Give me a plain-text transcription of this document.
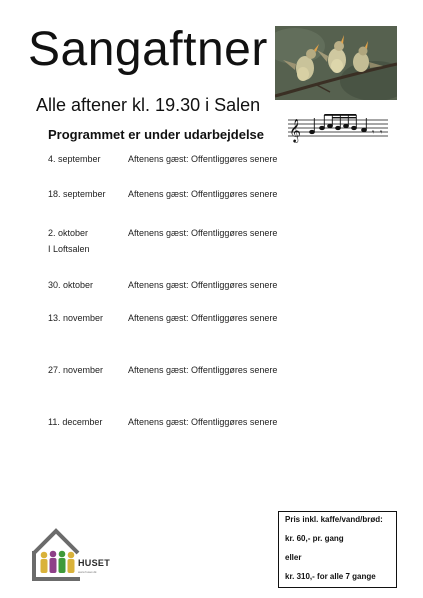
Sangaftner
Alle aftener kl. 19.30 i Salen
Programmet er under udarbejdelse 𝄞	𝄾 𝄾
4. september	Aftenens gæst: Offentliggøres senere
18. september	Aftenens gæst: Offentliggøres senere
2. oktober	Aftenens gæst: Offentliggøres senere
I Loftsalen
30. oktober	Aftenens gæst: Offentliggøres senere
13. november	Aftenens gæst: Offentliggøres senere
27. november	Aftenens gæst: Offentliggøres senere
11. december	Aftenens gæst: Offentliggøres senere
HUSET
www.huset.dk
Pris inkl. kaffe/vand/brød:
kr. 60,- pr. gang
eller
kr. 310,- for alle 7 gange
